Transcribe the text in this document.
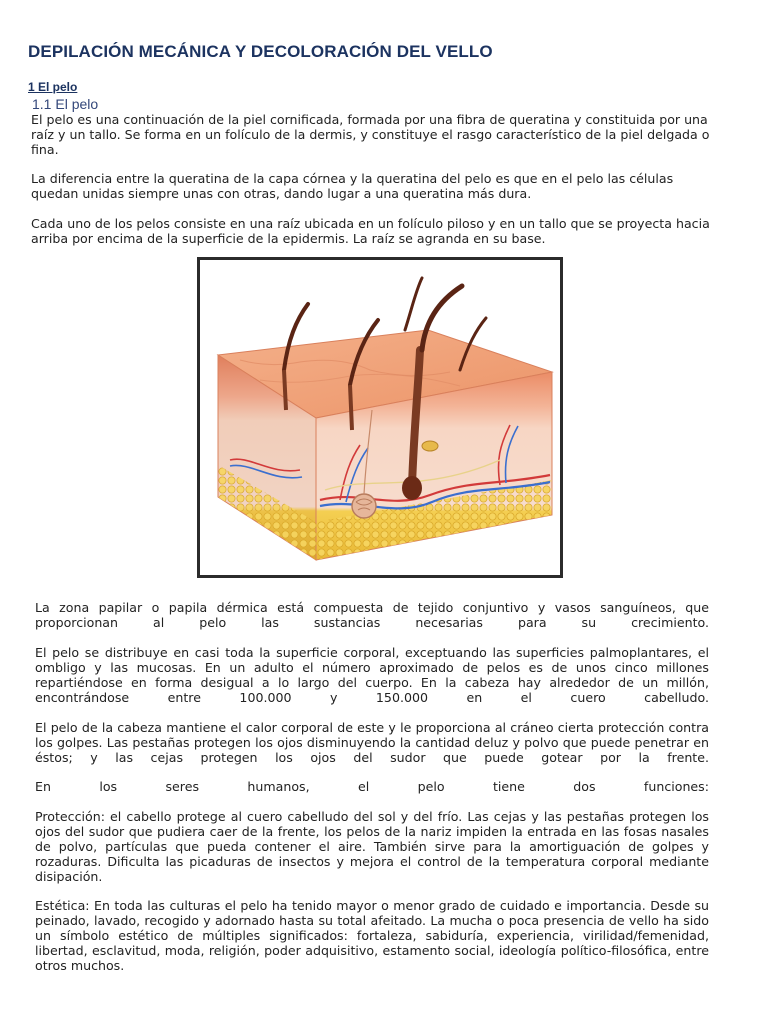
DEPILACIÓN MECÁNICA Y DECOLORACIÓN DEL VELLO
1 El pelo
1.1 El pelo

El pelo es una continuación de la piel cornificada, formada por una fibra de queratina y constituida por una raíz y un tallo. Se forma en un folículo de la dermis, y constituye el rasgo característico de la piel delgada o fina.

La diferencia entre la queratina de la capa córnea y la queratina del pelo es que en el pelo las células quedan unidas siempre unas con otras, dando lugar a una queratina más dura.

Cada uno de los pelos consiste en una raíz ubicada en un folículo piloso y en un tallo que se proyecta hacia arriba por encima de la superficie de la epidermis. La raíz se agranda en su base.

La zona papilar o papila dérmica está compuesta de tejido conjuntivo y vasos sanguíneos, que proporcionan al pelo las sustancias necesarias para su crecimiento.

El pelo se distribuye en casi toda la superficie corporal, exceptuando las superficies palmoplantares, el ombligo y las mucosas. En un adulto el número aproximado de pelos es de unos cinco millones repartiéndose en forma desigual a lo largo del cuerpo. En la cabeza hay alrededor de un millón, encontrándose entre 100.000 y 150.000 en el cuero cabelludo.

El pelo de la cabeza mantiene el calor corporal de este y le proporciona al cráneo cierta protección contra los golpes. Las pestañas protegen los ojos disminuyendo la cantidad deluz y polvo que puede penetrar en éstos; y las cejas protegen los ojos del sudor que puede gotear por la frente.

En los seres humanos, el pelo tiene dos funciones:

Protección: el cabello protege al cuero cabelludo del sol y del frío. Las cejas y las pestañas protegen los ojos del sudor que pudiera caer de la frente, los pelos de la nariz impiden la entrada en las fosas nasales de polvo, partículas que pueda contener el aire. También sirve para la amortiguación de golpes y rozaduras. Dificulta las picaduras de insectos y mejora el control de la temperatura corporal mediante disipación.

Estética: En toda las culturas el pelo ha tenido mayor o menor grado de cuidado e importancia. Desde su peinado, lavado, recogido y adornado hasta su total afeitado. La mucha o poca presencia de vello ha sido un símbolo estético de múltiples significados: fortaleza, sabiduría, experiencia, virilidad/femenidad, libertad, esclavitud, moda, religión, poder adquisitivo, estamento social, ideología político-filosófica, entre otros muchos.
